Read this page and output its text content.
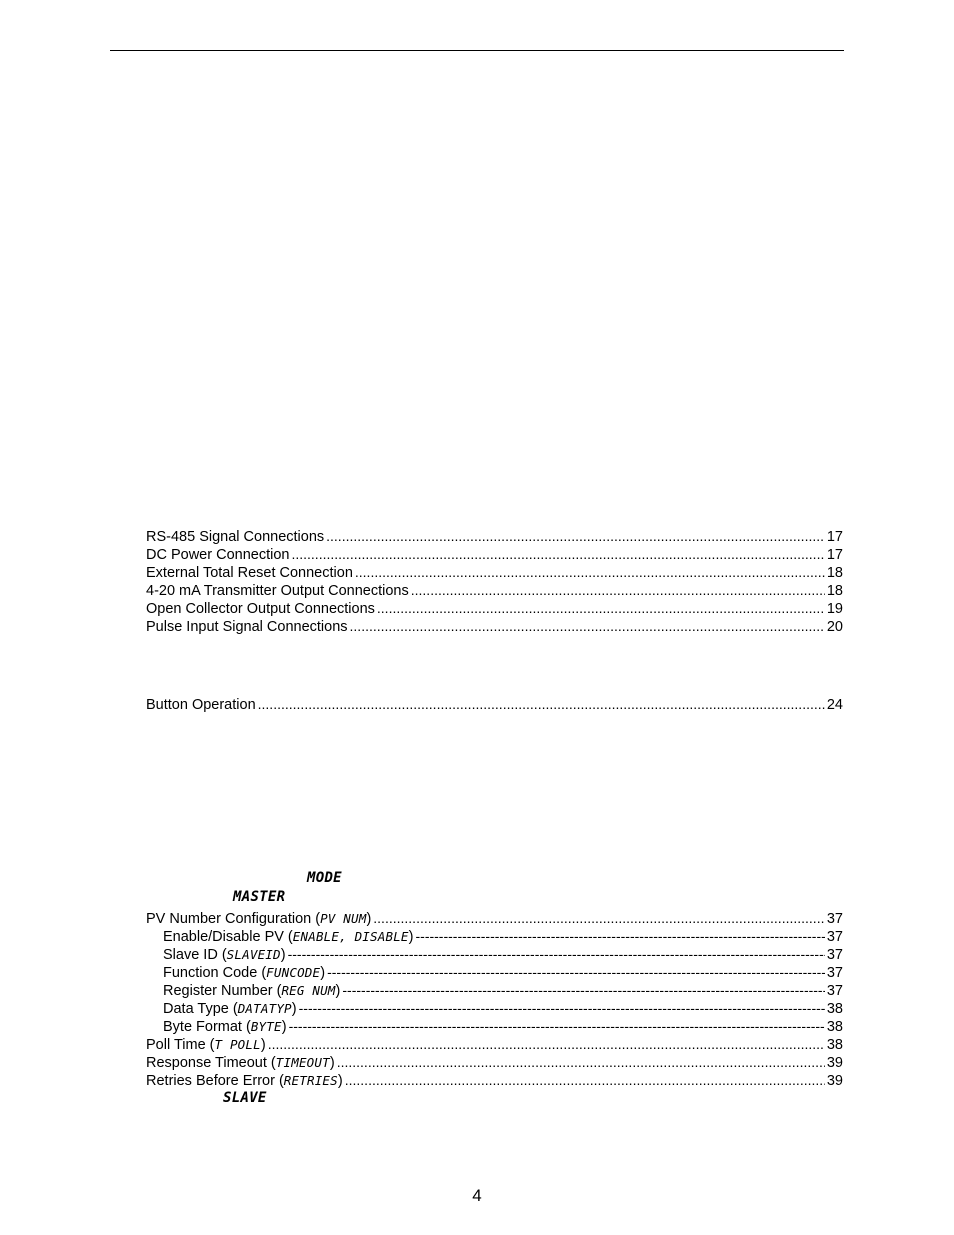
RS-485 Signal Connections .....	17
DC Power Connection .....	17
External Total Reset Connection .....	18
4-20 mA Transmitter Output Connections .....	18
Open Collector Output Connections .....	19
Pulse Input Signal Connections .....	20
Button Operation .....	24
MODE
MASTER
PV Number Configuration (PV NUM) .....	37
Enable/Disable PV (ENABLE, DISABLE) -----	37
Slave ID (SLAVEID) -----	37
Function Code (FUNCODE) -----	37
Register Number (REG NUM) -----	37
Data Type (DATATYP) -----	38
Byte Format (BYTE) -----	38
Poll Time (T POLL) .....	38
Response Timeout (TIMEOUT) .....	39
Retries Before Error (RETRIES) .....	39
SLAVE
4
